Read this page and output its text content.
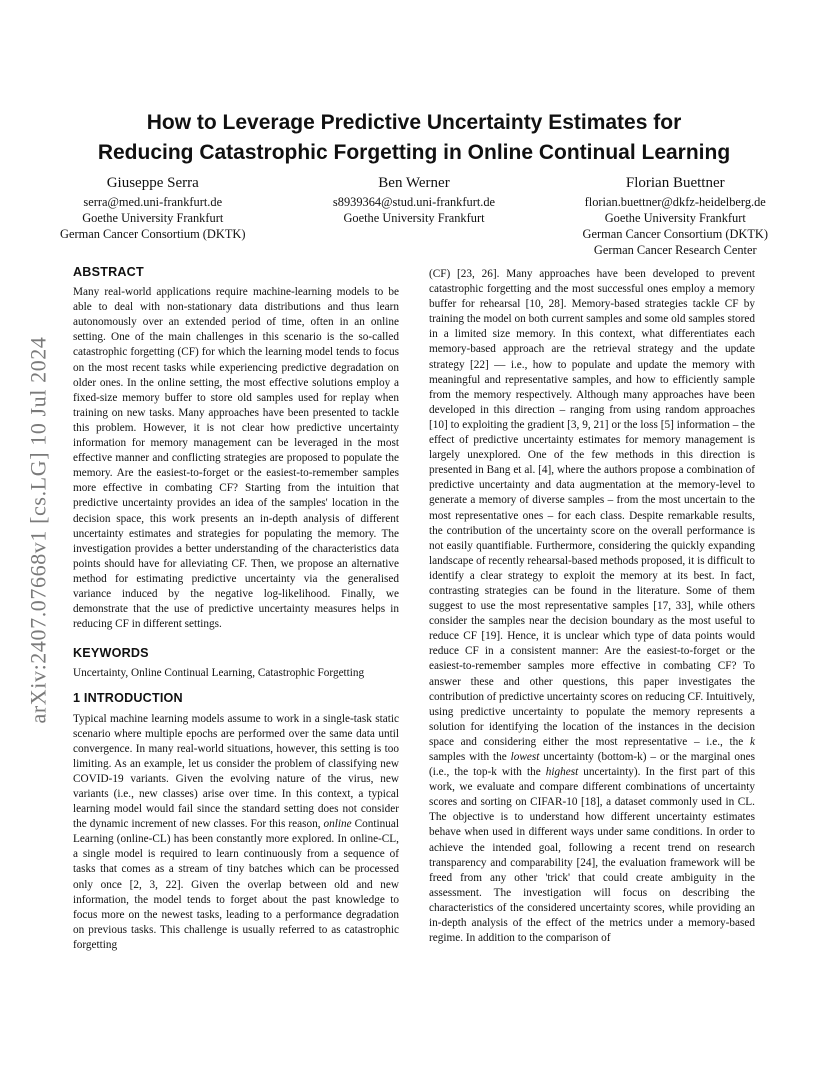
arXiv:2407.07668v1 [cs.LG] 10 Jul 2024
How to Leverage Predictive Uncertainty Estimates for
Reducing Catastrophic Forgetting in Online Continual Learning
Giuseppe Serra
serra@med.uni-frankfurt.de
Goethe University Frankfurt
German Cancer Consortium (DKTK)
Ben Werner
s8939364@stud.uni-frankfurt.de
Goethe University Frankfurt
Florian Buettner
florian.buettner@dkfz-heidelberg.de
Goethe University Frankfurt
German Cancer Consortium (DKTK)
German Cancer Research Center
ABSTRACT

Many real-world applications require machine-learning models to be able to deal with non-stationary data distributions and thus learn autonomously over an extended period of time, often in an online setting. One of the main challenges in this scenario is the so-called catastrophic forgetting (CF) for which the learning model tends to focus on the most recent tasks while experiencing predictive degradation on older ones. In the online setting, the most effective solutions employ a fixed-size memory buffer to store old samples used for replay when training on new tasks. Many approaches have been presented to tackle this problem. However, it is not clear how predictive uncertainty information for memory management can be leveraged in the most effective manner and conflicting strategies are proposed to populate the memory. Are the easiest-to-forget or the easiest-to-remember samples more effective in combating CF? Starting from the intuition that predictive uncertainty provides an idea of the samples' location in the decision space, this work presents an in-depth analysis of different uncertainty estimates and strategies for populating the memory. The investigation provides a better understanding of the characteristics data points should have for alleviating CF. Then, we propose an alternative method for estimating predictive uncertainty via the generalised variance induced by the negative log-likelihood. Finally, we demonstrate that the use of predictive uncertainty measures helps in reducing CF in different settings.

KEYWORDS

Uncertainty, Online Continual Learning, Catastrophic Forgetting

1 INTRODUCTION

Typical machine learning models assume to work in a single-task static scenario where multiple epochs are performed over the same data until convergence. In many real-world situations, however, this setting is too limiting. As an example, let us consider the problem of classifying new COVID-19 variants. Given the evolving nature of the virus, new variants (i.e., new classes) arise over time. In this context, a typical learning model would fail since the standard setting does not consider the dynamic increment of new classes. For this reason, online Continual Learning (online-CL) has been constantly more explored. In online-CL, a single model is required to learn continuously from a sequence of tasks that comes as a stream of tiny batches which can be processed only once [2, 3, 22]. Given the overlap between old and new information, the model tends to forget about the past knowledge to focus more on the newest tasks, leading to a performance degradation on previous tasks. This challenge is usually referred to as catastrophic forgetting

(CF) [23, 26]. Many approaches have been developed to prevent catastrophic forgetting and the most successful ones employ a memory buffer for rehearsal [10, 28]. Memory-based strategies tackle CF by training the model on both current samples and some old samples stored in a limited size memory. In this context, what differentiates each memory-based approach are the retrieval strategy and the update strategy [22] — i.e., how to populate and update the memory with meaningful and representative samples, and how to efficiently sample from the memory respectively. Although many approaches have been developed in this direction – ranging from using random approaches [10] to exploiting the gradient [3, 9, 21] or the loss [5] information – the effect of predictive uncertainty estimates for memory management is largely unexplored. One of the few methods in this direction is presented in Bang et al. [4], where the authors propose a combination of predictive uncertainty and data augmentation at the memory-level to generate a memory of diverse samples – from the most uncertain to the most representative ones – for each class. Despite remarkable results, the contribution of the uncertainty score on the overall performance is not easily quantifiable. Furthermore, considering the quickly expanding landscape of recently rehearsal-based methods proposed, it is difficult to identify a clear strategy to exploit the memory at its best. In fact, contrasting strategies can be found in the literature. Some of them suggest to use the most representative samples [17, 33], while others consider the samples near the decision boundary as the most useful to reduce CF [19]. Hence, it is unclear which type of data points would reduce CF in a consistent manner: Are the easiest-to-forget or the easiest-to-remember samples more effective in combating CF? To answer these and other questions, this paper investigates the contribution of predictive uncertainty scores on reducing CF. Intuitively, using predictive uncertainty to populate the memory represents a solution for identifying the location of the instances in the decision space and considering either the most representative – i.e., the k samples with the lowest uncertainty (bottom-k) – or the marginal ones (i.e., the top-k with the highest uncertainty). In the first part of this work, we evaluate and compare different combinations of uncertainty scores and sorting on CIFAR-10 [18], a dataset commonly used in CL. The objective is to understand how different uncertainty estimates behave when used in different ways under same conditions. In order to achieve the intended goal, following a recent trend on research transparency and comparability [24], the evaluation framework will be freed from any other 'trick' that could create ambiguity in the assessment. The investigation will focus on describing the characteristics of the considered uncertainty scores, while providing an in-depth analysis of the effect of the metrics under a memory-based regime. In addition to the comparison of
